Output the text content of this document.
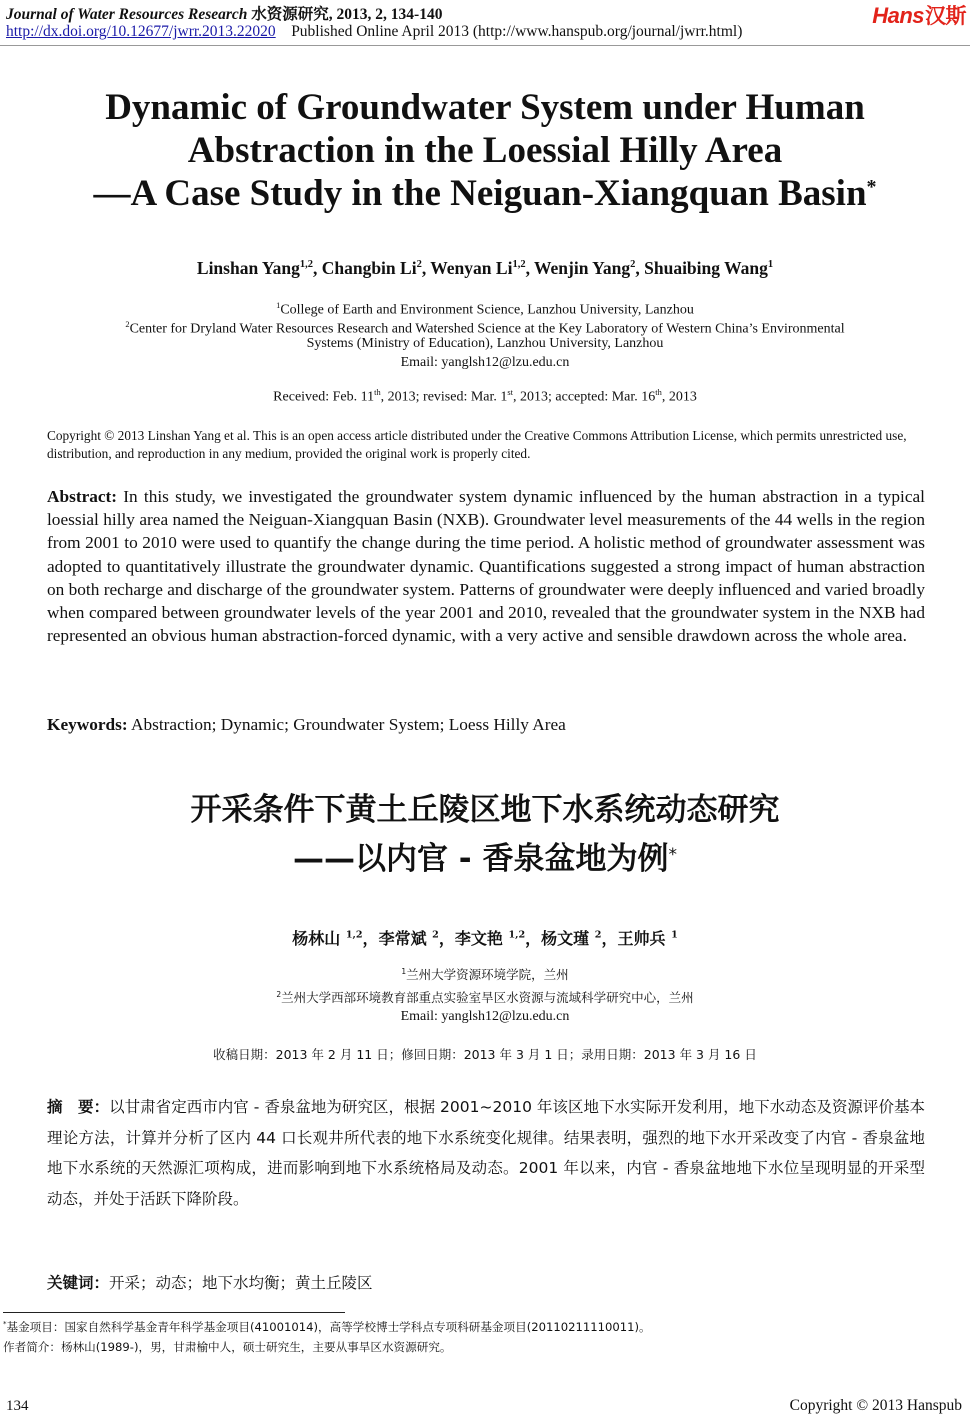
Journal of Water Resources Research 水资源研究, 2013, 2, 134-140
http://dx.doi.org/10.12677/jwrr.2013.22020 Published Online April 2013 (http://www.hanspub.org/journal/jwrr.html)
Hans汉斯
Dynamic of Groundwater System under Human
Abstraction in the Loessial Hilly Area
—A Case Study in the Neiguan-Xiangquan Basin*
Linshan Yang$^{1,2}$, Changbin Li$^2$, Wenyan Li$^{1,2}$, Wenjin Yang$^2$, Shuaibing Wang$^1$
$^1$College of Earth and Environment Science, Lanzhou University, Lanzhou
$^2$Center for Dryland Water Resources Research and Watershed Science at the Key Laboratory of Western China’s Environmental
Systems (Ministry of Education), Lanzhou University, Lanzhou
Email: yanglsh12@lzu.edu.cn
Received: Feb. 11th, 2013; revised: Mar. 1st, 2013; accepted: Mar. 16th, 2013
Copyright © 2013 Linshan Yang et al. This is an open access article distributed under the Creative Commons Attribution License, which permits unrestricted use, distribution, and reproduction in any medium, provided the original work is properly cited.
Abstract: In this study, we investigated the groundwater system dynamic influenced by the human abstraction in a typical loessial hilly area named the Neiguan-Xiangquan Basin (NXB). Groundwater level measurements of the 44 wells in the region from 2001 to 2010 were used to quantify the change during the time period. A holistic method of groundwater assessment was adopted to quantitatively illustrate the groundwater dynamic. Quantifications suggested a strong impact of human abstraction on both recharge and discharge of the groundwater system. Patterns of groundwater were deeply influenced and varied broadly when compared between groundwater levels of the year 2001 and 2010, revealed that the groundwater system in the NXB had represented an obvious human abstraction-forced dynamic, with a very active and sensible drawdown across the whole area.
Keywords: Abstraction; Dynamic; Groundwater System; Loess Hilly Area
开采条件下黄土丘陵区地下水系统动态研究
——以内官 - 香泉盆地为例*
杨林山 $^{1,2}$，李常斌 $^2$，李文艳 $^{1,2}$，杨文瑾 $^2$，王帅兵 $^1$
$^1$兰州大学资源环境学院，兰州
$^2$兰州大学西部环境教育部重点实验室旱区水资源与流域科学研究中心，兰州
Email: yanglsh12@lzu.edu.cn
收稿日期：2013 年 2 月 11 日；修回日期：2013 年 3 月 1 日；录用日期：2013 年 3 月 16 日
摘　要：以甘肃省定西市内官 - 香泉盆地为研究区，根据 2001~2010 年该区地下水实际开发利用，地下水动态及资源评价基本理论方法，计算并分析了区内 44 口长观井所代表的地下水系统变化规律。结果表明，强烈的地下水开采改变了内官 - 香泉盆地地下水系统的天然源汇项构成，进而影响到地下水系统格局及动态。2001 年以来，内官 - 香泉盆地地下水位呈现明显的开采型动态，并处于活跃下降阶段。
关键词：开采；动态；地下水均衡；黄土丘陵区
*基金项目：国家自然科学基金青年科学基金项目(41001014)，高等学校博士学科点专项科研基金项目(20110211110011)。
作者简介：杨林山(1989-)，男，甘肃榆中人，硕士研究生，主要从事旱区水资源研究。
134	Copyright © 2013 Hanspub
